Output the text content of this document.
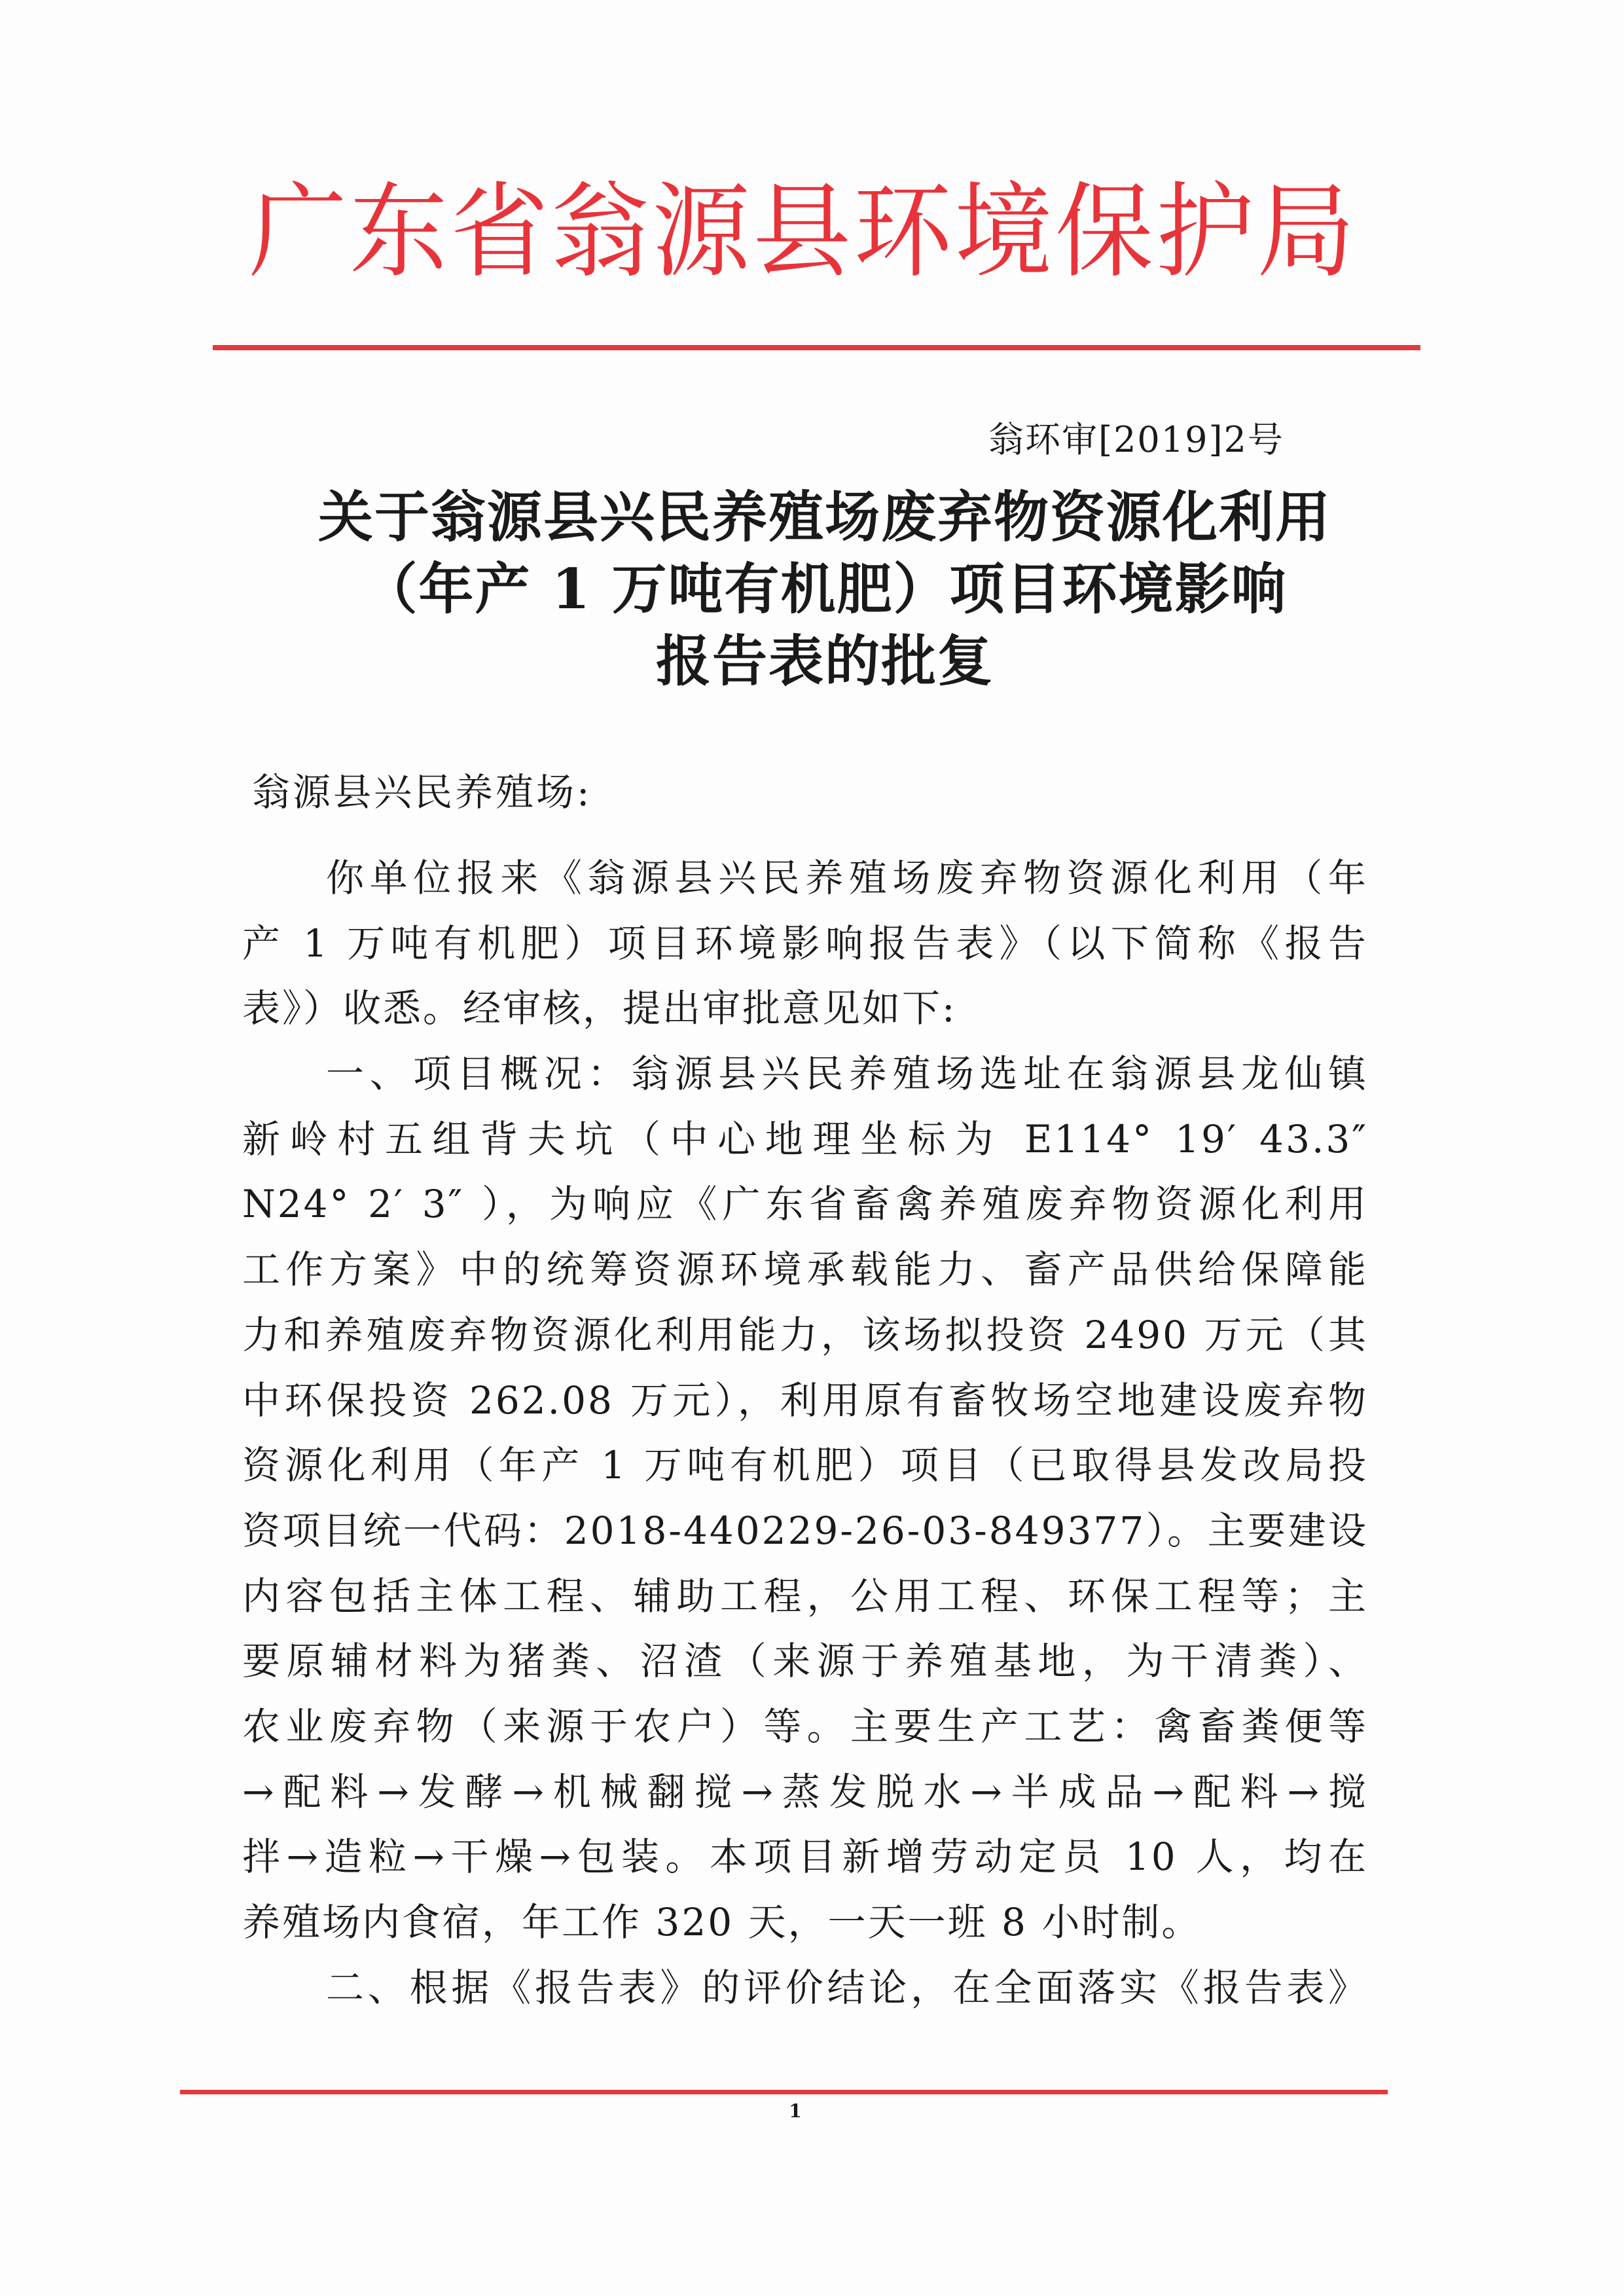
广东省翁源县环境保护局
翁环审[2019]2号
关于翁源县兴民养殖场废弃物资源化利用
（年产 1 万吨有机肥）项目环境影响
报告表的批复
翁源县兴民养殖场:
你单位报来《翁源县兴民养殖场废弃物资源化利用（年
产 1 万吨有机肥）项目环境影响报告表》（以下简称《报告
表》）收悉。经审核，提出审批意见如下:
一、项目概况：翁源县兴民养殖场选址在翁源县龙仙镇
新岭村五组背夫坑（中心地理坐标为 E114° 19′ 43.3″
N24° 2′ 3″ ），为响应《广东省畜禽养殖废弃物资源化利用
工作方案》中的统筹资源环境承载能力、畜产品供给保障能
力和养殖废弃物资源化利用能力，该场拟投资 2490 万元（其
中环保投资 262.08 万元），利用原有畜牧场空地建设废弃物
资源化利用（年产 1 万吨有机肥）项目（已取得县发改局投
资项目统一代码：2018-440229-26-03-849377）。主要建设
内容包括主体工程、辅助工程，公用工程、环保工程等；主
要原辅材料为猪粪、沼渣（来源于养殖基地，为干清粪）、
农业废弃物（来源于农户）等。主要生产工艺：禽畜粪便等
→配料→发酵→机械翻搅→蒸发脱水→半成品→配料→搅
拌→造粒→干燥→包装。本项目新增劳动定员 10 人，均在
养殖场内食宿，年工作 320 天，一天一班 8 小时制。
二、根据《报告表》的评价结论，在全面落实《报告表》
1
